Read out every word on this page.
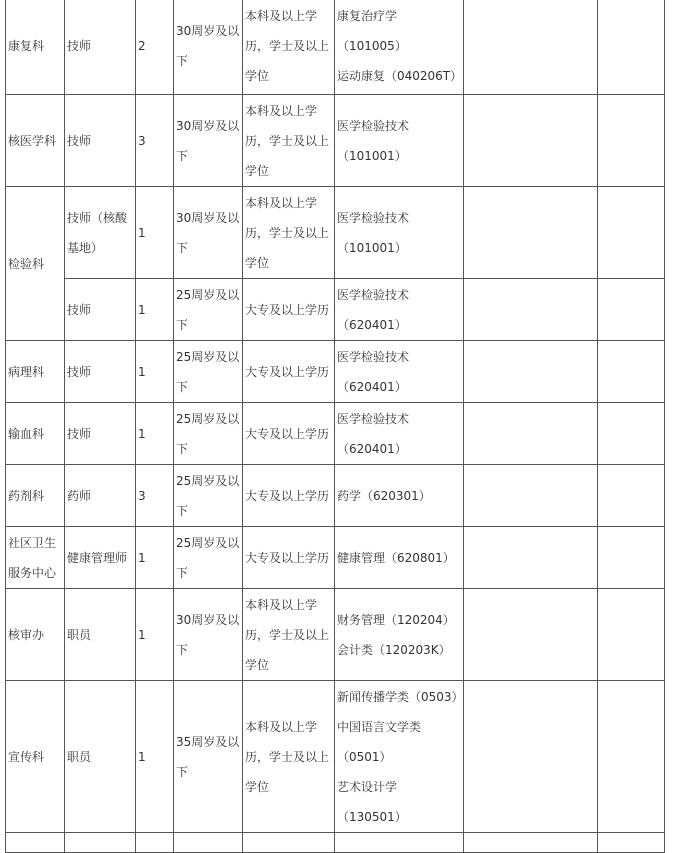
康复科	技师	2	30周岁及以下	本科及以上学历，学士及以上学位	康复治疗学
（101005）
运动康复（040206T）		

核医学科	技师	3	30周岁及以下	本科及以上学历，学士及以上学位	医学检验技术
（101001）		

检验科	技师（核酸基地）	1	30周岁及以下	本科及以上学历，学士及以上学位	医学检验技术
（101001）		

	技师	1	25周岁及以下	大专及以上学历	医学检验技术
（620401）		

病理科	技师	1	25周岁及以下	大专及以上学历	医学检验技术
（620401）		

输血科	技师	1	25周岁及以下	大专及以上学历	医学检验技术
（620401）		

药剂科	药师	3	25周岁及以下	大专及以上学历	药学（620301）		

社区卫生服务中心	健康管理师	1	25周岁及以下	大专及以上学历	健康管理（620801）		

核审办	职员	1	30周岁及以下	本科及以上学历，学士及以上学位	财务管理（120204）
会计类（120203K）		

宣传科	职员	1	35周岁及以下	本科及以上学历，学士及以上学位	新闻传播学类（0503）
中国语言文学类
（0501）
艺术设计学
（130501）		
